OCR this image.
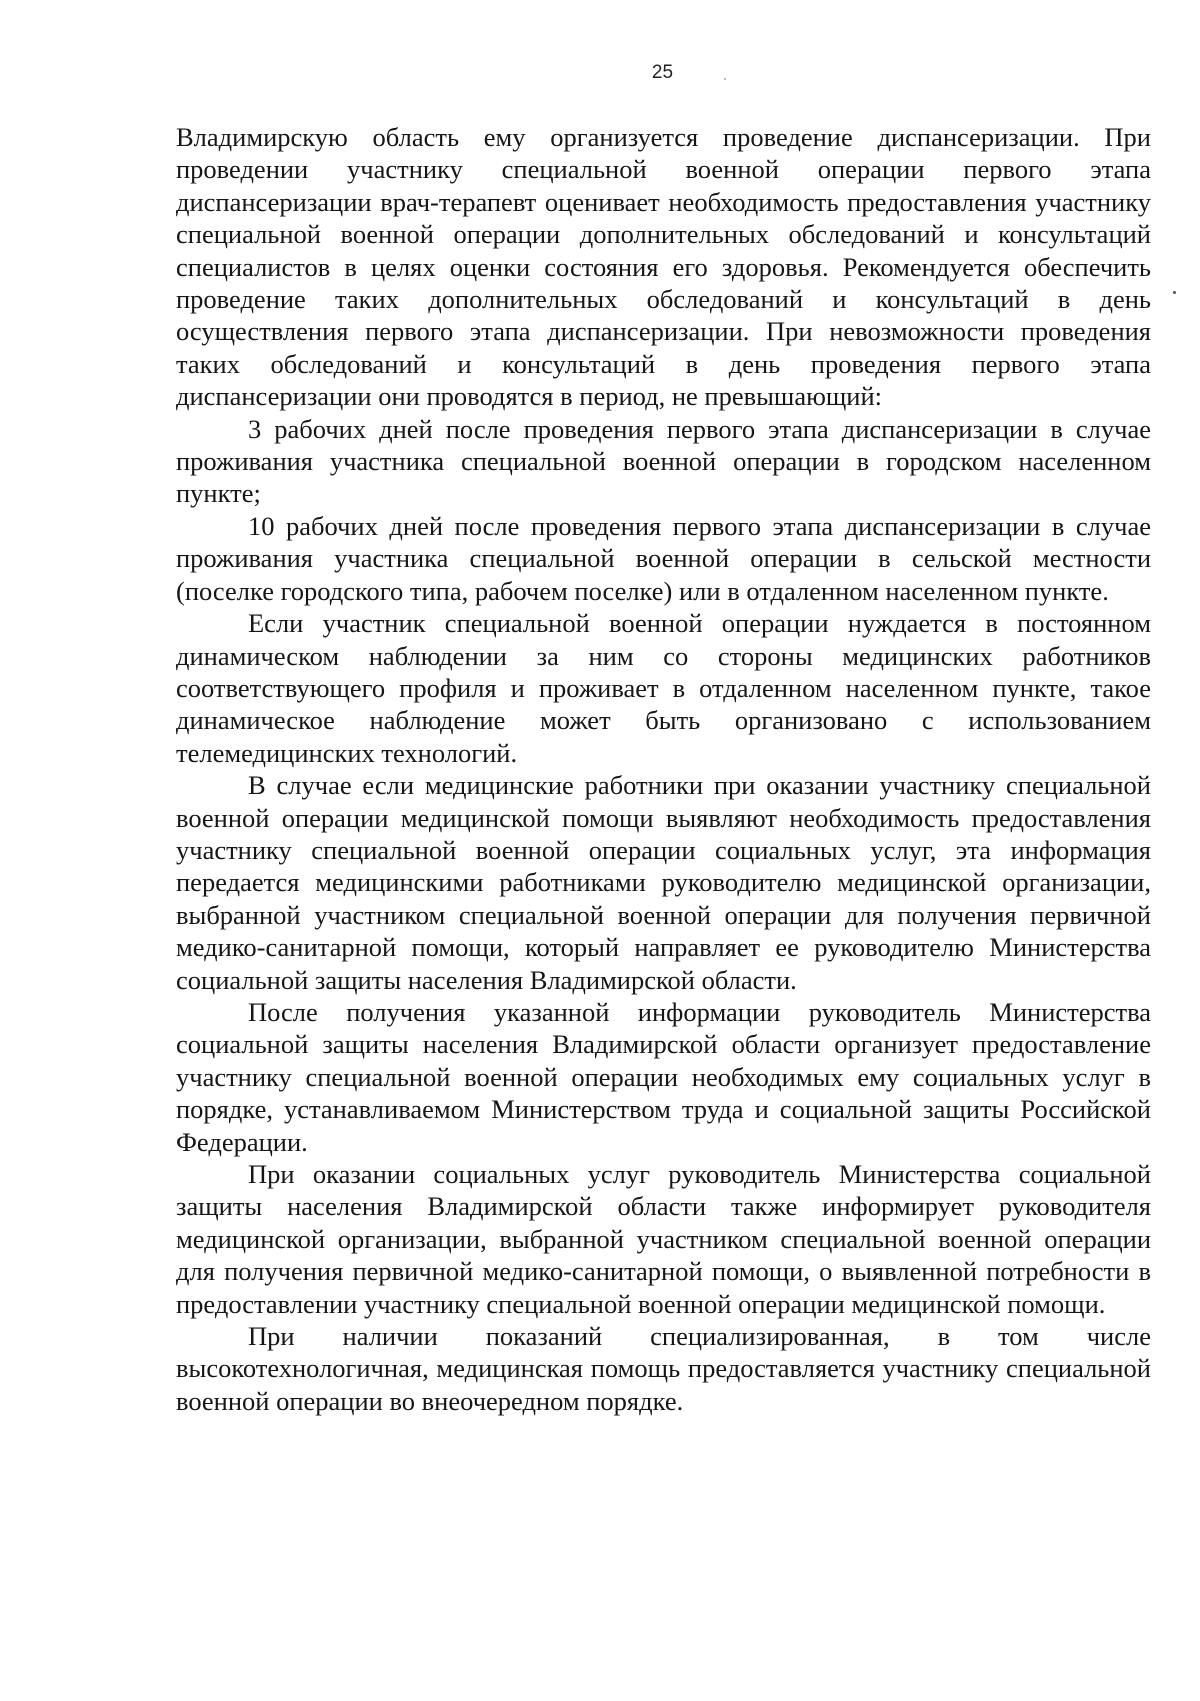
25

Владимирскую область ему организуется проведение диспансеризации. При проведении участнику специальной военной операции первого этапа диспансеризации врач-терапевт оценивает необходимость предоставления участнику специальной военной операции дополнительных обследований и консультаций специалистов в целях оценки состояния его здоровья. Рекомендуется обеспечить проведение таких дополнительных обследований и консультаций в день осуществления первого этапа диспансеризации. При невозможности проведения таких обследований и консультаций в день проведения первого этапа диспансеризации они проводятся в период, не превышающий:

3 рабочих дней после проведения первого этапа диспансеризации в случае проживания участника специальной военной операции в городском населенном пункте;

10 рабочих дней после проведения первого этапа диспансеризации в случае проживания участника специальной военной операции в сельской местности (поселке городского типа, рабочем поселке) или в отдаленном населенном пункте.

Если участник специальной военной операции нуждается в постоянном динамическом наблюдении за ним со стороны медицинских работников соответствующего профиля и проживает в отдаленном населенном пункте, такое динамическое наблюдение может быть организовано с использованием телемедицинских технологий.

В случае если медицинские работники при оказании участнику специальной военной операции медицинской помощи выявляют необходимость предоставления участнику специальной военной операции социальных услуг, эта информация передается медицинскими работниками руководителю медицинской организации, выбранной участником специальной военной операции для получения первичной медико-санитарной помощи, который направляет ее руководителю Министерства социальной защиты населения Владимирской области.

После получения указанной информации руководитель Министерства социальной защиты населения Владимирской области организует предоставление участнику специальной военной операции необходимых ему социальных услуг в порядке, устанавливаемом Министерством труда и социальной защиты Российской Федерации.

При оказании социальных услуг руководитель Министерства социальной защиты населения Владимирской области также информирует руководителя медицинской организации, выбранной участником специальной военной операции для получения первичной медико-санитарной помощи, о выявленной потребности в предоставлении участнику специальной военной операции медицинской помощи.

При наличии показаний специализированная, в том числе высокотехнологичная, медицинская помощь предоставляется участнику специальной военной операции во внеочередном порядке.
